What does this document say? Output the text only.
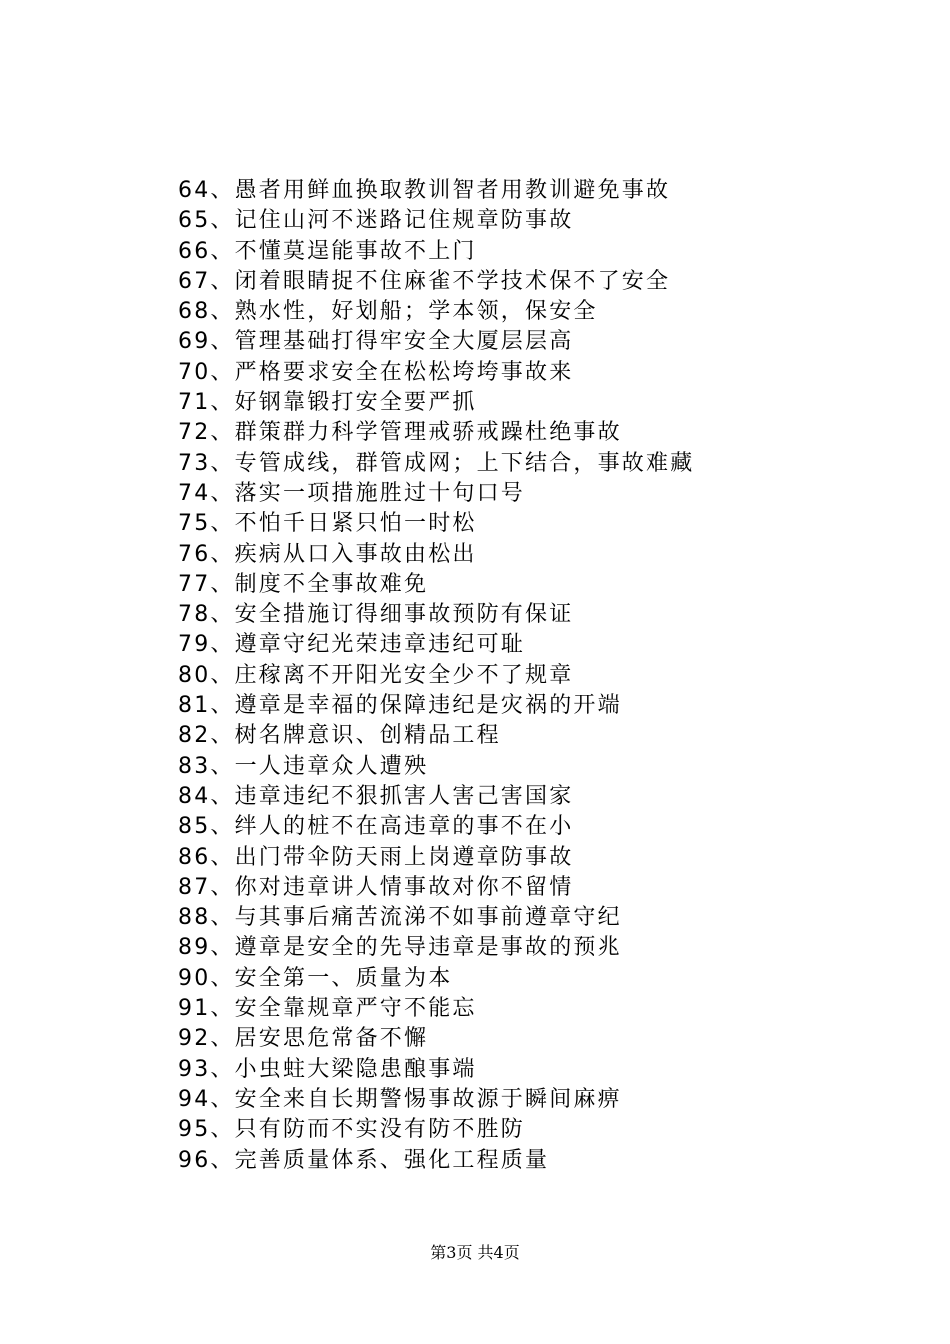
64、愚者用鲜血换取教训智者用教训避免事故
65、记住山河不迷路记住规章防事故
66、不懂莫逞能事故不上门
67、闭着眼睛捉不住麻雀不学技术保不了安全
68、熟水性，好划船；学本领，保安全
69、管理基础打得牢安全大厦层层高
70、严格要求安全在松松垮垮事故来
71、好钢靠锻打安全要严抓
72、群策群力科学管理戒骄戒躁杜绝事故
73、专管成线，群管成网；上下结合，事故难藏
74、落实一项措施胜过十句口号
75、不怕千日紧只怕一时松
76、疾病从口入事故由松出
77、制度不全事故难免
78、安全措施订得细事故预防有保证
79、遵章守纪光荣违章违纪可耻
80、庄稼离不开阳光安全少不了规章
81、遵章是幸福的保障违纪是灾祸的开端
82、树名牌意识、创精品工程
83、一人违章众人遭殃
84、违章违纪不狠抓害人害己害国家
85、绊人的桩不在高违章的事不在小
86、出门带伞防天雨上岗遵章防事故
87、你对违章讲人情事故对你不留情
88、与其事后痛苦流涕不如事前遵章守纪
89、遵章是安全的先导违章是事故的预兆
90、安全第一、质量为本
91、安全靠规章严守不能忘
92、居安思危常备不懈
93、小虫蛀大梁隐患酿事端
94、安全来自长期警惕事故源于瞬间麻痹
95、只有防而不实没有防不胜防
96、完善质量体系、强化工程质量
第3页 共4页
